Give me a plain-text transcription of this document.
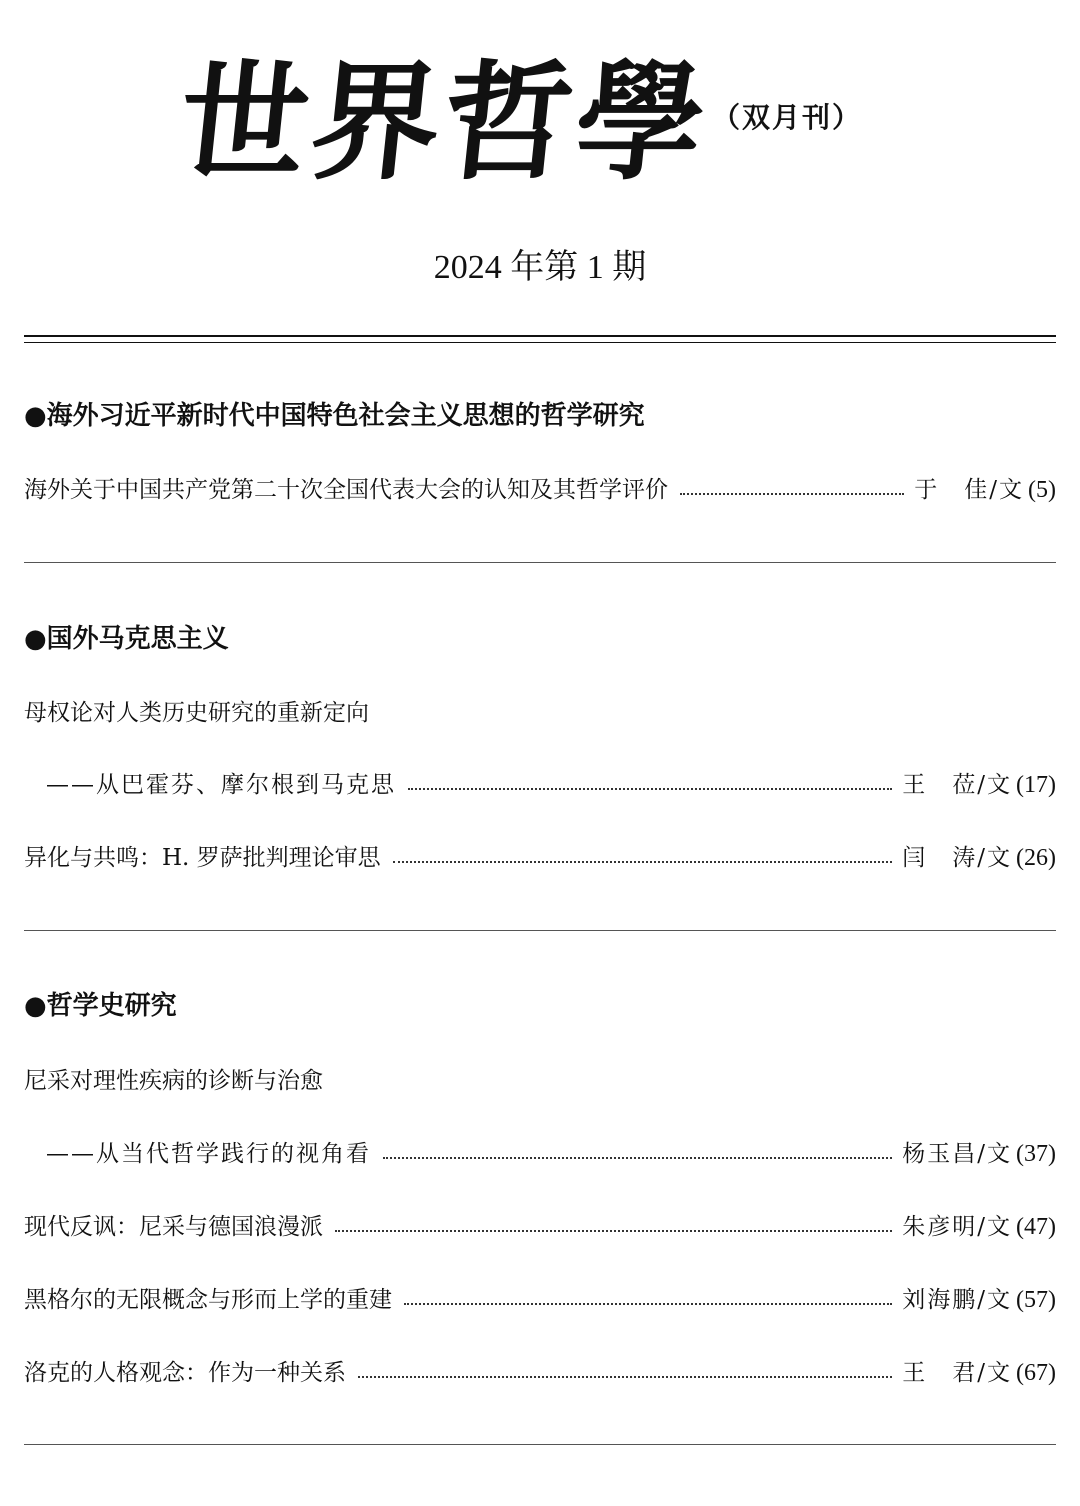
世界哲學
（双月刊）
2024 年第 1 期
●海外习近平新时代中国特色社会主义思想的哲学研究
海外关于中国共产党第二十次全国代表大会的认知及其哲学评价	于　佳/文 (5)
●国外马克思主义
母权论对人类历史研究的重新定向
——从巴霍芬、摩尔根到马克思	王　莅/文 (17)
异化与共鸣：H. 罗萨批判理论审思	闫　涛/文 (26)
●哲学史研究
尼采对理性疾病的诊断与治愈
——从当代哲学践行的视角看	杨玉昌/文 (37)
现代反讽：尼采与德国浪漫派	朱彦明/文 (47)
黑格尔的无限概念与形而上学的重建	刘海鹏/文 (57)
洛克的人格观念：作为一种关系	王　君/文 (67)
